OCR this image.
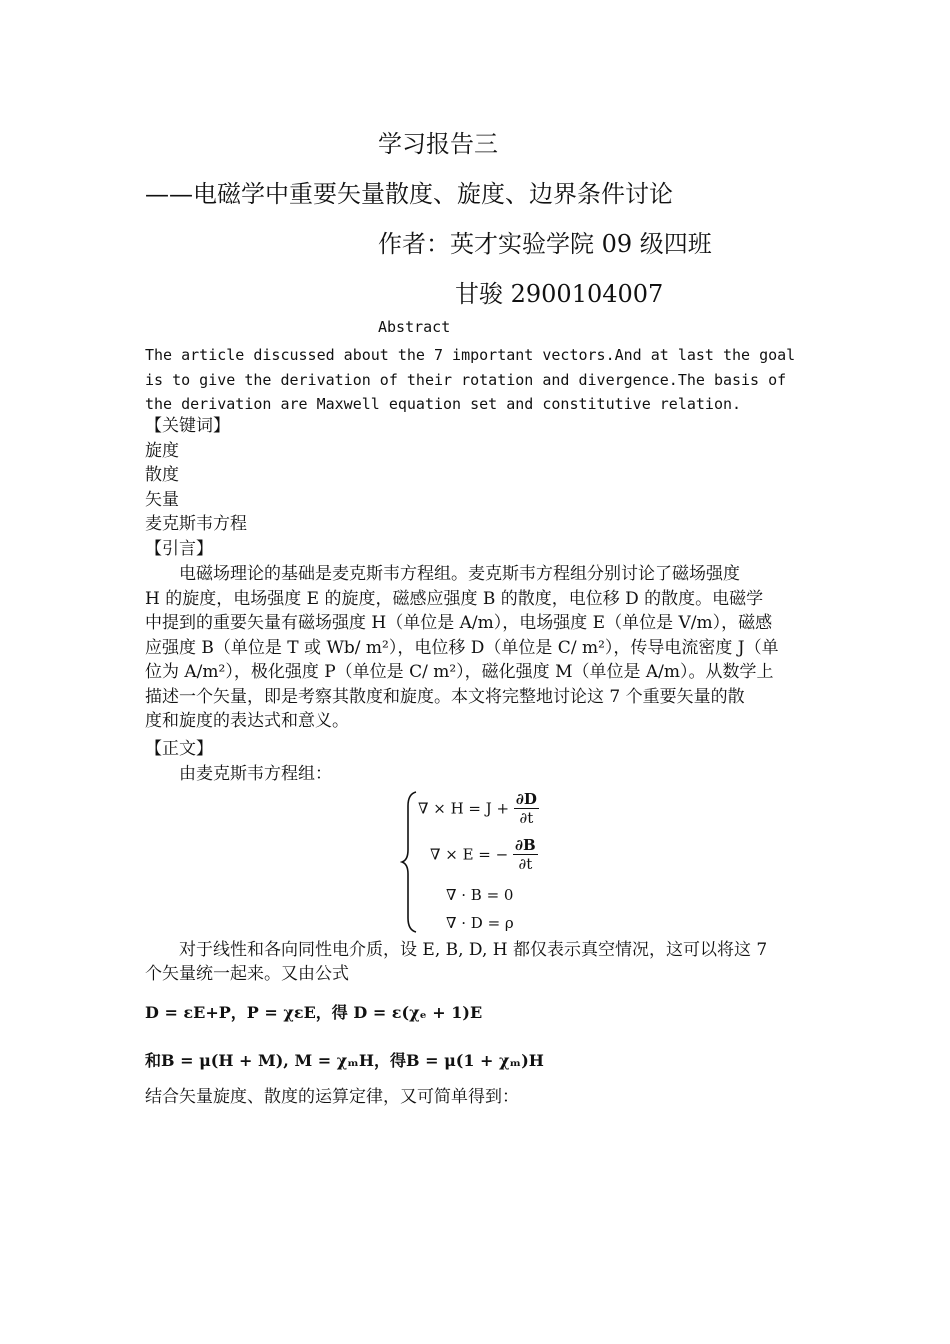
学习报告三
——电磁学中重要矢量散度、旋度、边界条件讨论
作者：英才实验学院 09 级四班
甘骏 2900104007
Abstract
The article discussed about the 7 important vectors.And at last the goal
is to give the derivation of their rotation and divergence.The basis of
the derivation are Maxwell equation set and constitutive relation.
【关键词】
旋度
散度
矢量
麦克斯韦方程
【引言】
电磁场理论的基础是麦克斯韦方程组。麦克斯韦方程组分别讨论了磁场强度
H 的旋度，电场强度 E 的旋度，磁感应强度 B 的散度，电位移 D 的散度。电磁学
中提到的重要矢量有磁场强度 H（单位是 A/m），电场强度 E（单位是 V/m），磁感
应强度 B（单位是 T 或 Wb/ m²），电位移 D（单位是 C/ m²），传导电流密度 J（单
位为 A/m²），极化强度 P（单位是 C/ m²），磁化强度 M（单位是 A/m）。从数学上
描述一个矢量，即是考察其散度和旋度。本文将完整地讨论这 7 个重要矢量的散
度和旋度的表达式和意义。
【正文】
由麦克斯韦方程组：
∇ × $H = J + \frac{\partial D}{\partial t}$
∇ × E = − $\frac{\partial B}{\partial t}$
∇ · B = 0
∇ · D = ρ
对于线性和各向同性电介质，设 E, B, D, H 都仅表示真空情况，这可以将这 7
个矢量统一起来。又由公式
D = εE+P，P = χεE，得 D = ε(χₑ + 1)E
和B = μ(H + M), M = χₘH，得B = μ(1 + χₘ)H
结合矢量旋度、散度的运算定律，又可简单得到：
